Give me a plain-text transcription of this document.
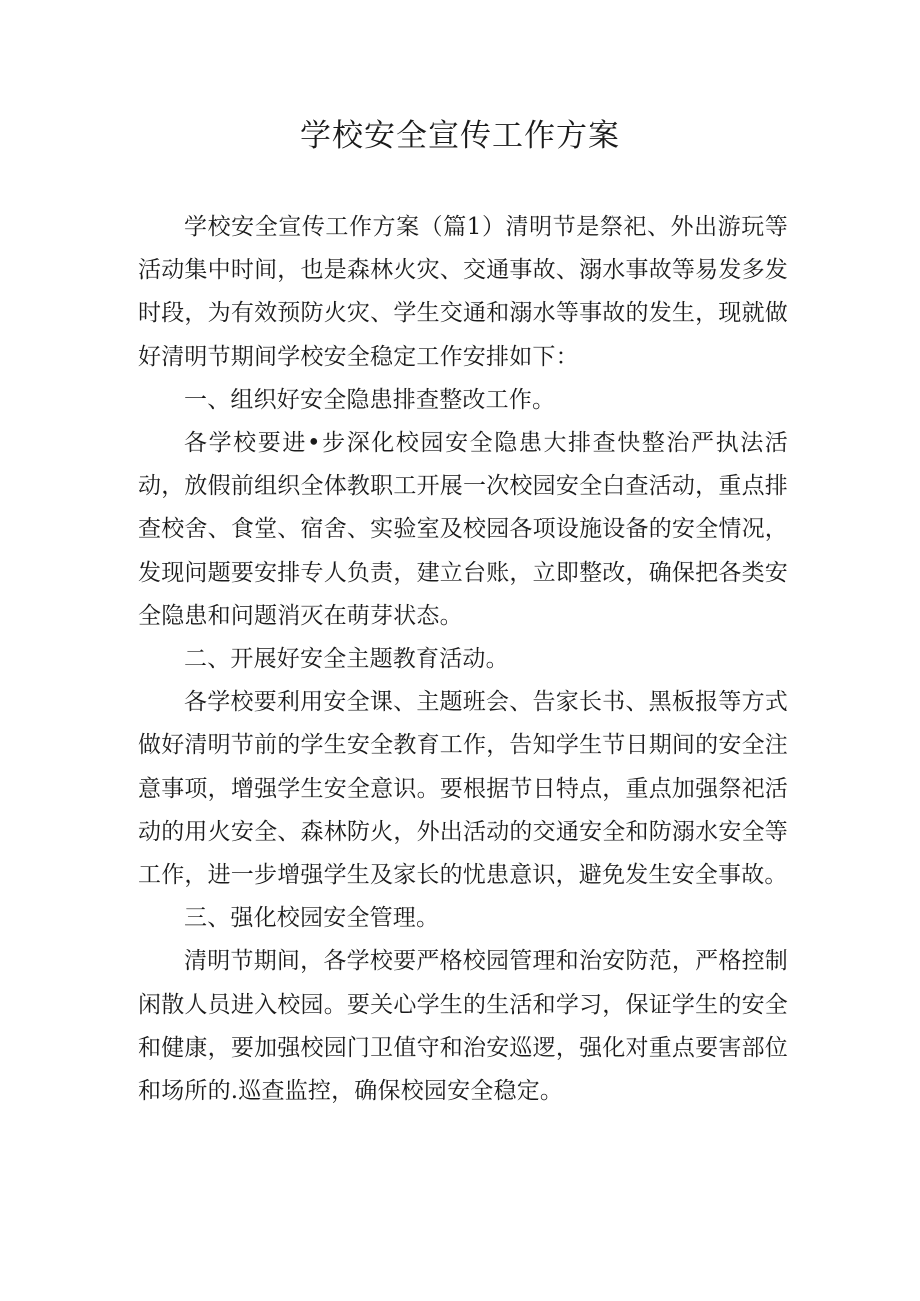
学校安全宣传工作方案

学校安全宣传工作方案（篇1）清明节是祭祀、外出游玩等活动集中时间，也是森林火灾、交通事故、溺水事故等易发多发时段，为有效预防火灾、学生交通和溺水等事故的发生，现就做好清明节期间学校安全稳定工作安排如下：

一、组织好安全隐患排查整改工作。

各学校要进•步深化校园安全隐患大排查快整治严执法活动，放假前组织全体教职工开展一次校园安全白查活动，重点排查校舍、食堂、宿舍、实验室及校园各项设施设备的安全情况，发现问题要安排专人负责，建立台账，立即整改，确保把各类安全隐患和问题消灭在萌芽状态。

二、开展好安全主题教育活动。

各学校要利用安全课、主题班会、告家长书、黑板报等方式做好清明节前的学生安全教育工作，告知学生节日期间的安全注意事项，增强学生安全意识。要根据节日特点，重点加强祭祀活动的用火安全、森林防火，外出活动的交通安全和防溺水安全等工作，进一步增强学生及家长的忧患意识，避免发生安全事故。

三、强化校园安全管理。

清明节期间，各学校要严格校园管理和治安防范，严格控制闲散人员进入校园。要关心学生的生活和学习，保证学生的安全和健康，要加强校园门卫值守和治安巡逻，强化对重点要害部位和场所的.巡查监控，确保校园安全稳定。
